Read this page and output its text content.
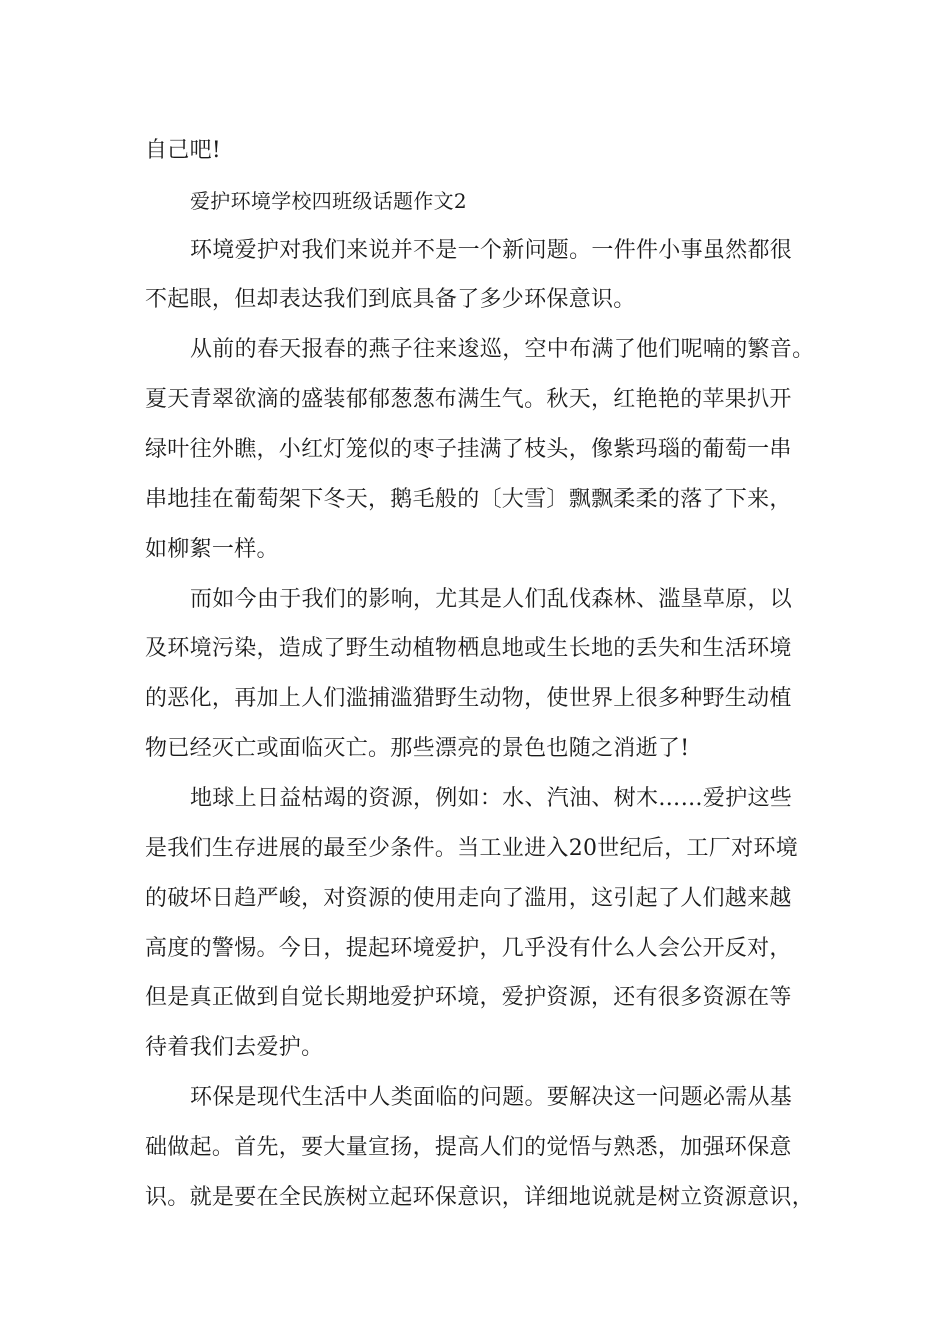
自己吧!
爱护环境学校四班级话题作文2
环境爱护对我们来说并不是一个新问题。一件件小事虽然都很
不起眼，但却表达我们到底具备了多少环保意识。
从前的春天报春的燕子往来逡巡，空中布满了他们呢喃的繁音。
夏天青翠欲滴的盛装郁郁葱葱布满生气。秋天，红艳艳的苹果扒开
绿叶往外瞧，小红灯笼似的枣子挂满了枝头，像紫玛瑙的葡萄一串
串地挂在葡萄架下冬天，鹅毛般的〔大雪〕飘飘柔柔的落了下来，
如柳絮一样。
而如今由于我们的影响，尤其是人们乱伐森林、滥垦草原，以
及环境污染，造成了野生动植物栖息地或生长地的丢失和生活环境
的恶化，再加上人们滥捕滥猎野生动物，使世界上很多种野生动植
物已经灭亡或面临灭亡。那些漂亮的景色也随之消逝了!
地球上日益枯竭的资源，例如：水、汽油、树木……爱护这些
是我们生存进展的最至少条件。当工业进入20世纪后，工厂对环境
的破坏日趋严峻，对资源的使用走向了滥用，这引起了人们越来越
高度的警惕。今日，提起环境爱护，几乎没有什么人会公开反对，
但是真正做到自觉长期地爱护环境，爱护资源，还有很多资源在等
待着我们去爱护。
环保是现代生活中人类面临的问题。要解决这一问题必需从基
础做起。首先，要大量宣扬，提高人们的觉悟与熟悉，加强环保意
识。就是要在全民族树立起环保意识，详细地说就是树立资源意识，
